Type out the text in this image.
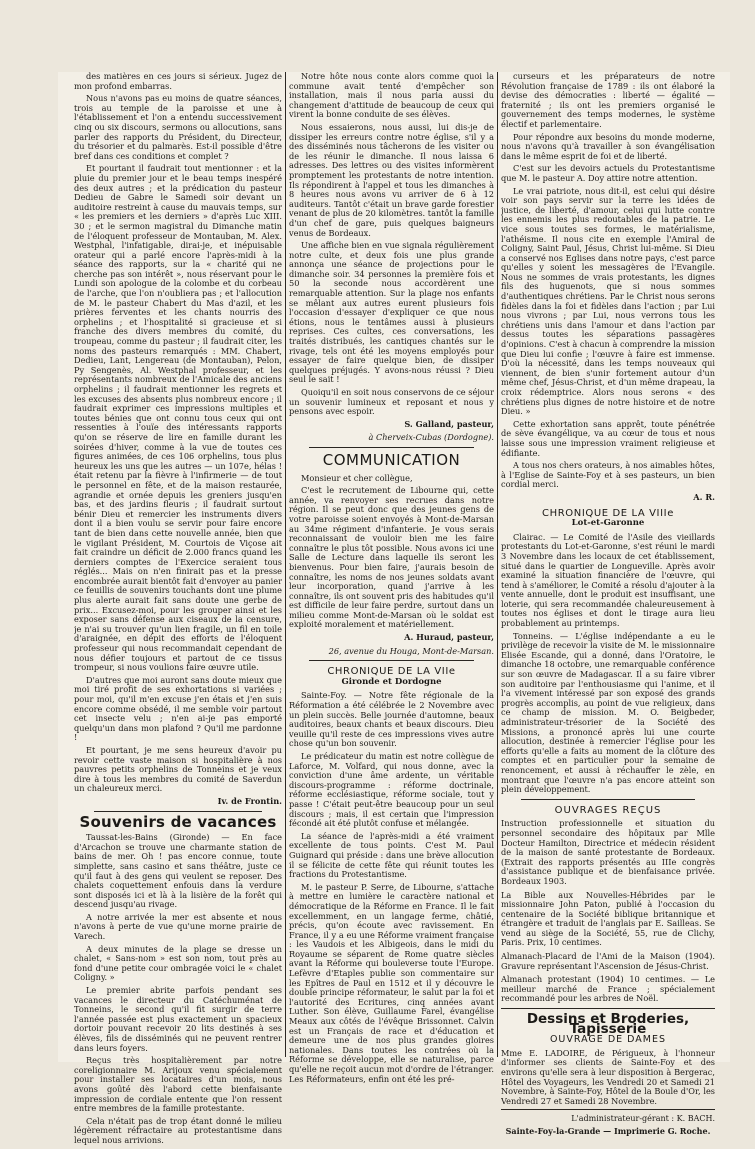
des matières en ces jours si sérieux. Jugez de mon profond embarras.

Nous n'avons pas eu moins de quatre séances, trois au temple de la paroisse et une à l'établissement et l'on a entendu successivement cinq ou six discours, sermons ou allocutions, sans parler des rapports du Président, du Directeur, du trésorier et du palmarès. Est-il possible d'être bref dans ces conditions et complet ?

Et pourtant il faudrait tout mentionner : et la pluie du premier jour et le beau temps inespéré des deux autres ; et la prédication du pasteur Dedieu de Gabre le Samedi soir devant un auditoire restreint à cause du mauvais temps, sur « les premiers et les derniers » d'après Luc XIII. 30 ; et le sermon magistral du Dimanche matin de l'éloquent professeur de Montauban, M. Alex. Westphal, l'infatigable, dirai-je, et inépuisable orateur qui a parlé encore l'après-midi à la séance des rapports, sur la « charité qui ne cherche pas son intérêt », nous réservant pour le Lundi son apologue de la colombe et du corbeau de l'arche, que l'on n'oubliera pas ; et l'allocution de M. le pasteur Chabert du Mas d'azil, et les prières ferventes et les chants nourris des orphelins ; et l'hospitalité si gracieuse et si franche des divers membres du comité, du troupeau, comme du pasteur ; il faudrait citer, les noms des pasteurs remarqués : MM. Chabert, Dedieu, Lant, Lengereau (de Montauban), Pelon, Py Sengenès, Al. Westphal professeur, et les représentants nombreux de l'Amicale des anciens orphelins ; il faudrait mentionner les regrets et les excuses des absents plus nombreux encore ; il faudrait exprimer ces impressions multiples et toutes bénies que ont connu tous ceux qui ont ressenties à l'ouïe des intéressants rapports qu'on se réserve de lire en famille durant les soirées d'hiver, comme à la vue de toutes ces figures animées, de ces 106 orphelins, tous plus heureux les uns que les autres — un 107e, hélas ! était retenu par la fièvre à l'infirmerie — de tout le personnel en fête, et de la maison restaurée, agrandie et ornée depuis les greniers jusqu'en bas, et des jardins fleuris ; il faudrait surtout bénir Dieu et remercier les instruments divers dont il a bien voulu se servir pour faire encore tant de bien dans cette nouvelle année, bien que le vigilant Président, M. Courtois de Viçose ait fait craindre un déficit de 2.000 francs quand les derniers comptes de l'Exercice seraient tous réglés... Mais on n'en finirait pas et la presse encombrée aurait bientôt fait d'envoyer au panier ce feuillis de souvenirs touchants dont une plume plus alerte aurait fait sans doute une gerbe de prix... Excusez-moi, pour les grouper ainsi et les exposer sans défense aux ciseaux de la censure, je n'ai su trouver qu'un lien fragile, un fil en toile d'araignée, en dépit des efforts de l'éloquent professeur qui nous recommandait cependant de nous défier toujours et partout de ce tissus trompeur, si nous voulions faire œuvre utile.

D'autres que moi auront sans doute mieux que moi tiré profit de ses exhortations si variées ; pour moi, qu'il m'en excuse j'en étais et j'en suis encore comme obsédé, il me semble voir partout cet insecte velu ; n'en ai-je pas emporté quelqu'un dans mon plafond ? Qu'il me pardonne !

Et pourtant, je me sens heureux d'avoir pu revoir cette vaste maison si hospitalière à nos pauvres petits orphelins de Tonneins et je veux dire à tous les membres du comité de Saverdun un chaleureux merci.

Iv. de Frontin.

Souvenirs de vacances

Taussat-les-Bains (Gironde) — En face d'Arcachon se trouve une charmante station de bains de mer. Oh ! pas encore connue, toute simplette, sans casino et sans théâtre, juste ce qu'il faut à des gens qui veulent se reposer. Des chalets coquettement enfouis dans la verdure sont disposés ici et là à la lisière de la forêt qui descend jusqu'au rivage.

A notre arrivée la mer est absente et nous n'avons à perte de vue qu'une morne prairie de Varech.

A deux minutes de la plage se dresse un chalet, « Sans-nom » est son nom, tout près au fond d'une petite cour ombragée voici le « chalet Coligny. »

Le premier abrite parfois pendant ses vacances le directeur du Catéchuménat de Tonneins, le second qu'il fit surgir de terre l'année passée est plus exactement un spacieux dortoir pouvant recevoir 20 lits destinés à ses élèves, fils de disséminés qui ne peuvent rentrer dans leurs foyers.

Reçus très hospitalièrement par notre coreligionnaire M. Arijoux venu spécialement pour installer ses locataires d'un mois, nous avons goûté dès l'abord cette bienfaisante impression de cordiale entente que l'on ressent entre membres de la famille protestante.

Cela n'était pas de trop étant donné le milieu légèrement réfractaire au protestantisme dans lequel nous arrivions.

Notre hôte nous conte alors comme quoi la commune avait tenté d'empêcher son installation, mais il nous paria aussi du changement d'attitude de beaucoup de ceux qui virent la bonne conduite de ses élèves.

Nous essaierons, nous aussi, lui dis-je de dissiper les erreurs contre notre église, s'il y a des disséminés nous tâcherons de les visiter ou de les réunir le dimanche. Il nous laissa 6 adresses. Des lettres ou des visites informèrent promptement les protestants de notre intention. Ils répondirent à l'appel et tous les dimanches à 8 heures nous avons vu arriver de 6 à 12 auditeurs. Tantôt c'était un brave garde forestier venant de plus de 20 kilomètres. tantôt la famille d'un chef de gare, puis quelques baigneurs venus de Bordeaux.

Une affiche bien en vue signala régulièrement notre culte, et deux fois une plus grande annonça une séance de projections pour le dimanche soir. 34 personnes la première fois et 50 la seconde nous accordèrent une remarquable attention. Sur la plage nos enfants se mêlant aux autres eurent plusieurs fois l'occasion d'essayer d'expliquer ce que nous étions, nous le tentâmes aussi à plusieurs reprises. Ces cultes, ces conversations, les traités distribués, les cantiques chantés sur le rivage, tels ont été les moyens employés pour essayer de faire quelque bien, de dissiper quelques préjugés. Y avons-nous réussi ? Dieu seul le sait !

Quoiqu'il en soit nous conservons de ce séjour un souvenir lumineux et reposant et nous y pensons avec espoir.

S. Galland, pasteur,

à Cherveix-Cubas (Dordogne).

COMMUNICATION

Monsieur et cher collègue,

C'est le recrutement de Libourne qui, cette année, va renvoyer ses recrues dans notre région. Il se peut donc que des jeunes gens de votre paroisse soient envoyés à Mont-de-Marsan au 34me régiment d'infanterie. Je vous serais reconnaissant de vouloir bien me les faire connaître le plus tôt possible. Nous avons ici une Salle de Lecture dans laquelle ils seront les bienvenus. Pour bien faire, j'aurais besoin de connaître, les noms de nos jeunes soldats avant leur incorporation, quand j'arrive à les connaître, ils ont souvent pris des habitudes qu'il est difficile de leur faire perdre, surtout dans un milieu comme Mont-de-Marsan où le soldat est exploité moralement et matériellement.

A. Huraud, pasteur,

26, avenue du Houga, Mont-de-Marsan.

CHRONIQUE DE LA VIIe

Gironde et Dordogne

Sainte-Foy. — Notre fête régionale de la Réformation a été célébrée le 2 Novembre avec un plein succès. Belle journée d'automne, beaux auditoires, beaux chants et beaux discours. Dieu veuille qu'il reste de ces impressions vives autre chose qu'un bon souvenir.

Le prédicateur du matin est notre collègue de Laforce, M. Volfard, qui nous donne, avec la conviction d'une âme ardente, un véritable discours-programme : réforme doctrinale, réforme ecclésiastique, réforme sociale, tout y passe ! C'était peut-être beaucoup pour un seul discours ; mais, il est certain que l'impression fécondé ait été plutôt confuse et mélangée.

La séance de l'après-midi a été vraiment excellente de tous points. C'est M. Paul Guignard qui préside : dans une brève allocution il se félicite de cette fête qui réunit toutes les fractions du Protestantisme.

M. le pasteur P. Serre, de Libourne, s'attache à mettre en lumière le caractère national et démocratique de la Réforme en France. Il le fait excellemment, en un langage ferme, châtié, précis, qu'on écoute avec ravissement. En France, il y a eu une Réforme vraiment française : les Vaudois et les Albigeois, dans le midi du Royaume se séparent de Rome quatre siècles avant la Réforme qui bouleverse toute l'Europe. Lefèvre d'Etaples publie son commentaire sur les Epîtres de Paul en 1512 et il y découvre le double principe réformateur, le salut par la foi et l'autorité des Ecritures, cinq années avant Luther. Son élève, Guillaume Farel, évangélise Meaux aux côtés de l'évêque Brissonnet. Calvin est un Français de race et d'éducation et demeure une de nos plus grandes gloires nationales. Dans toutes les contrées où la Réforme se développe, elle se naturalise, parce qu'elle ne reçoit aucun mot d'ordre de l'étranger. Les Réformateurs, enfin ont été les pré-

curseurs et les préparateurs de notre Révolution française de 1789 : ils ont élaboré la devise des démocraties : liberté — égalité — fraternité ; ils ont les premiers organisé le gouvernement des temps modernes, le système électif et parlementaire.

Pour répondre aux besoins du monde moderne, nous n'avons qu'à travailler à son évangélisation dans le même esprit de foi et de liberté.

C'est sur les devoirs actuels du Protestantisme que M. le pasteur A. Doy attire notre attention.

Le vrai patriote, nous dit-il, est celui qui désire voir son pays servir sur la terre les idées de justice, de liberté, d'amour, celui qui lutte contre les ennemis les plus redoutables de la patrie. Le vice sous toutes ses formes, le matérialisme, l'athéisme. Il nous cite en exemple l'Amiral de Coligny, Saint Paul, Jésus, Christ lui-même. Si Dieu a conservé nos Eglises dans notre pays, c'est parce qu'elles y soient les messagères de l'Evangile. Nous ne sommes de vrais protestants, les dignes fils des huguenots, que si nous sommes d'authentiques chrétiens. Par le Christ nous serons fidèles dans la foi et fidèles dans l'action ; par Lui nous vivrons ; par Lui, nous verrons tous les chrétiens unis dans l'amour et dans l'action par dessus toutes les séparations passagères d'opinions. C'est à chacun à comprendre la mission que Dieu lui confie ; l'œuvre à faire est immense. D'où la nécessité, dans les temps nouveaux qui viennent, de bien s'unir fortement autour d'un même chef, Jésus-Christ, et d'un même drapeau, la croix rédemptrice. Alors nous serons « des chrétiens plus dignes de notre histoire et de notre Dieu. »

Cette exhortation sans apprêt, toute pénétrée de sève évangélique, va au cœur de tous et nous laisse sous une impression vraiment religieuse et édifiante.

A tous nos chers orateurs, à nos aimables hôtes, à l'Eglise de Sainte-Foy et à ses pasteurs, un bien cordial merci.

A. R.

CHRONIQUE DE LA VIIIe

Lot-et-Garonne

Clairac. — Le Comité de l'Asile des vieillards protestants du Lot-et-Garonne, s'est réuni le mardi 3 Novembre dans les locaux de cet établissement, situé dans le quartier de Longueville. Après avoir examiné la situation financière de l'œuvre, qui tend à s'améliorer, le Comité a résolu d'ajouter à la vente annuelle, dont le produit est insuffisant, une loterie, qui sera recommandée chaleureusement à toutes nos églises et dont le tirage aura lieu probablement au printemps.

Tonneins. — L'église indépendante a eu le privilège de recevoir la visite de M. le missionnaire Elisée Escande, qui a donné, dans l'Oratoire, le dimanche 18 octobre, une remarquable conférence sur son œuvre de Madagascar. Il a su faire vibrer son auditoire par l'enthousiasme qui l'anime, et il l'a vivement intéressé par son exposé des grands progrès accomplis, au point de vue religieux, dans ce champ de mission. M. O. Beigbeder, administrateur-trésorier de la Société des Missions, a prononcé après lui une courte allocution, destinée à remercier l'église pour les efforts qu'elle a faits au moment de la clôture des comptes et en particulier pour la semaine de renoncement, et aussi à réchauffer le zèle, en montrant que l'œuvre n'a pas encore atteint son plein développement.

OUVRAGES REÇUS

Instruction professionnelle et situation du personnel secondaire des hôpitaux par Mlle Docteur Hamilton, Directrice et médecin résident de la maison de santé protestante de Bordeaux. (Extrait des rapports présentés au IIIe congrès d'assistance publique et de bienfaisance privée. Bordeaux 1903.

La Bible aux Nouvelles-Hébrides par le missionnaire John Paton, publié à l'occasion du centenaire de la Société biblique britannique et étrangère et traduit de l'anglais par E. Sailleas. Se vend au siège de la Société, 55, rue de Clichy, Paris. Prix, 10 centimes.

Almanach-Placard de l'Ami de la Maison (1904). Gravure représentant l'Ascension de Jésus-Christ.

Almanach protestant (1904) 10 centimes. — Le meilleur marché de France ; spécialement recommandé pour les arbres de Noël.

Dessins et Broderies, Tapisserie

OUVRAGE DE DAMES

Mme E. LADOIRE, de Périgueux, à l'honneur d'informer ses clients de Sainte-Foy et des environs qu'elle sera à leur disposition à Bergerac, Hôtel des Voyageurs, les Vendredi 20 et Samedi 21 Novembre, à Sainte-Foy, Hôtel de la Boule d'Or, les Vendredi 27 et Samedi 28 Novembre.

L'administrateur-gérant : K. BACH.

Sainte-Foy-la-Grande — Imprimerie G. Roche.
